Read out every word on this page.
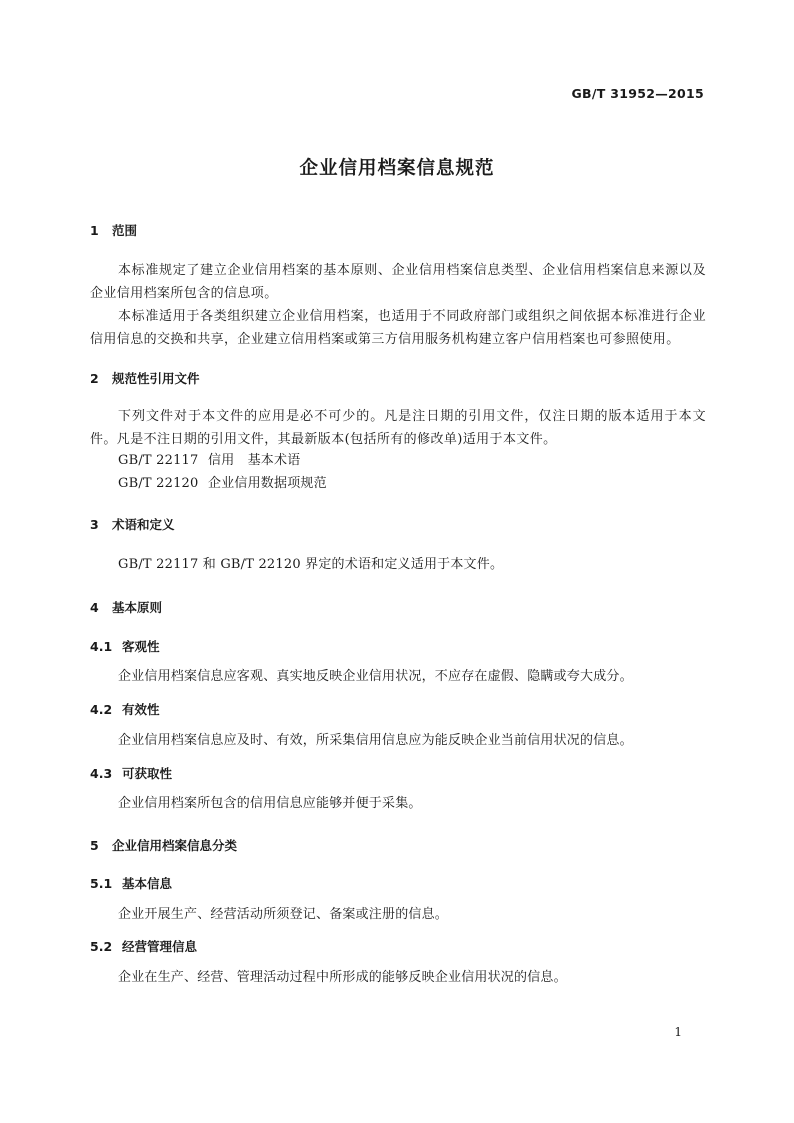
GB/T 31952—2015
企业信用档案信息规范
1 范围
本标准规定了建立企业信用档案的基本原则、企业信用档案信息类型、企业信用档案信息来源以及企业信用档案所包含的信息项。
本标准适用于各类组织建立企业信用档案，也适用于不同政府部门或组织之间依据本标准进行企业信用信息的交换和共享，企业建立信用档案或第三方信用服务机构建立客户信用档案也可参照使用。
2 规范性引用文件
下列文件对于本文件的应用是必不可少的。凡是注日期的引用文件，仅注日期的版本适用于本文件。凡是不注日期的引用文件，其最新版本(包括所有的修改单)适用于本文件。
GB/T 22117 信用　基本术语
GB/T 22120 企业信用数据项规范
3 术语和定义
GB/T 22117 和 GB/T 22120 界定的术语和定义适用于本文件。
4 基本原则
4.1 客观性
企业信用档案信息应客观、真实地反映企业信用状况，不应存在虚假、隐瞒或夸大成分。
4.2 有效性
企业信用档案信息应及时、有效，所采集信用信息应为能反映企业当前信用状况的信息。
4.3 可获取性
企业信用档案所包含的信用信息应能够并便于采集。
5 企业信用档案信息分类
5.1 基本信息
企业开展生产、经营活动所须登记、备案或注册的信息。
5.2 经营管理信息
企业在生产、经营、管理活动过程中所形成的能够反映企业信用状况的信息。
1
